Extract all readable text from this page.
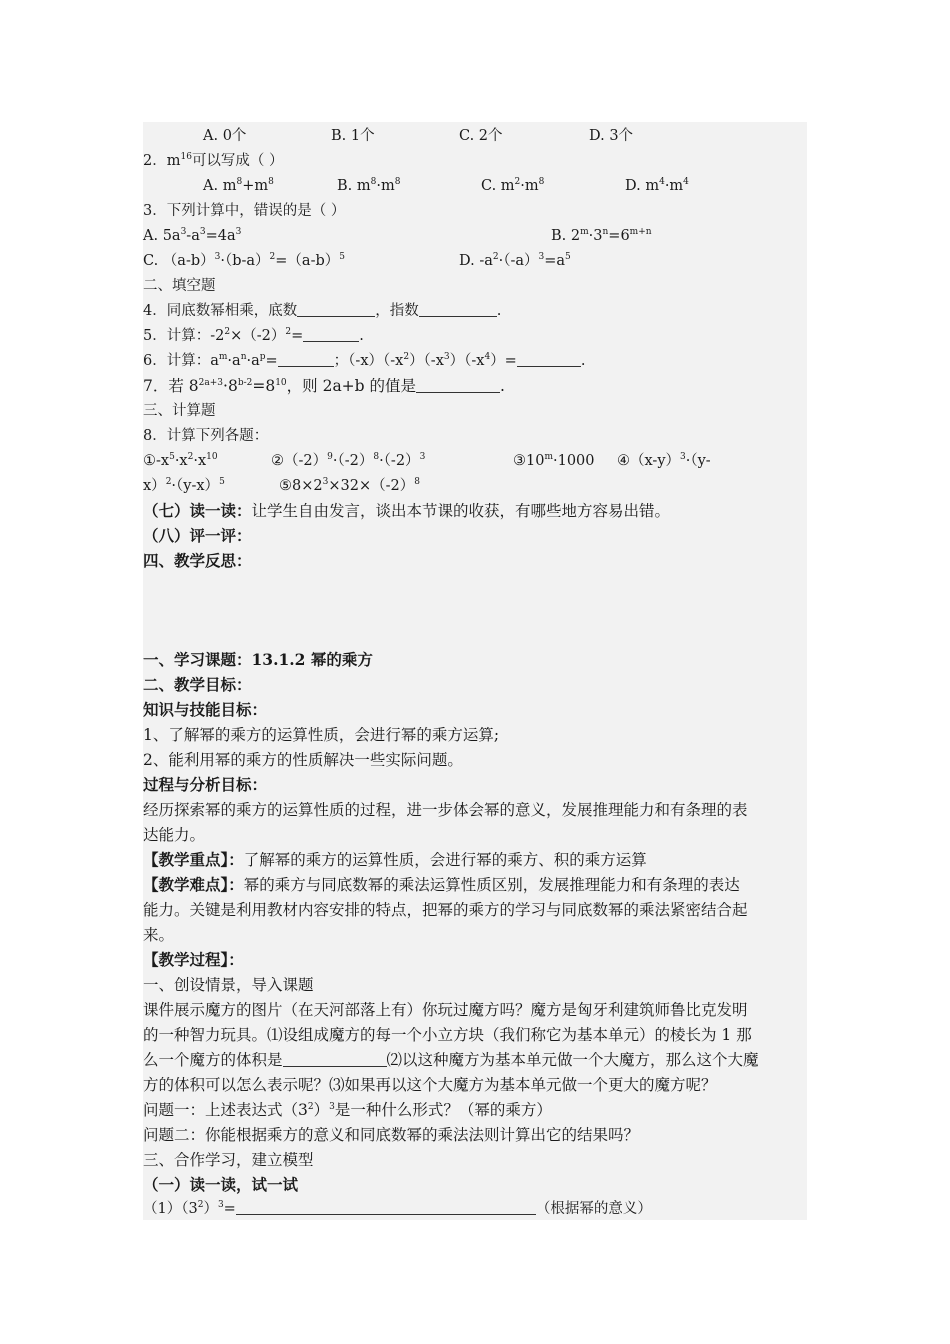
A. 0个	B. 1个	C. 2个	D. 3个
2．$m^{16}$可以写成（ ）
A. $m^8+m^8$	B. $m^8\cdot m^8$	C. $m^2\cdot m^8$	D. $m^4\cdot m^4$
3．下列计算中，错误的是（ ）
A. $5a^3-a^3=4a^3$	B. $2^m\cdot 3^n=6^{m+n}$
C. $(a-b)^3\cdot(b-a)^2=(a-b)^5$	D. $-a^2\cdot(-a)^3=a^5$
二、填空题
4．同底数幂相乘，底数	，指数	.
5．计算：$-2^2\times(-2)^2=$	.
6．计算：$a^m\cdot a^n\cdot a^p=$	；$(-x)(-x^2)(-x^3)(-x^4)=$	.
7．若 $8^{2a+3}\cdot 8^{b-2}=8^{10}$，则 2a+b 的值是	.
三、计算题
8．计算下列各题：
$①-x^5\cdot x^2\cdot x^{10}$	$②(-2)^9\cdot(-2)^8\cdot(-2)^3$	$③10^m\cdot 1000$ $④(x-y)^3\cdot(y-$
$x)^2\cdot(y-x)^5$	$⑤8\times 2^3\times 32\times(-2)^8$
（七）读一读：让学生自由发言，谈出本节课的收获，有哪些地方容易出错。
（八）评一评：
四、教学反思：
一、学习课题：13.1.2 幂的乘方
二、教学目标：
知识与技能目标：
1、了解幂的乘方的运算性质，会进行幂的乘方运算;
2、能利用幂的乘方的性质解决一些实际问题。
过程与分析目标：
经历探索幂的乘方的运算性质的过程，进一步体会幂的意义，发展推理能力和有条理的表
达能力。
【教学重点】：了解幂的乘方的运算性质，会进行幂的乘方、积的乘方运算
【教学难点】：幂的乘方与同底数幂的乘法运算性质区别，发展推理能力和有条理的表达
能力。关键是利用教材内容安排的特点，把幂的乘方的学习与同底数幂的乘法紧密结合起
来。
【教学过程】：
一、创设情景，导入课题
课件展示魔方的图片（在天河部落上有）你玩过魔方吗？魔方是匈牙利建筑师鲁比克发明
的一种智力玩具。⑴设组成魔方的每一个小立方块（我们称它为基本单元）的棱长为 1 那
么一个魔方的体积是	⑵以这种魔方为基本单元做一个大魔方，那么这个大魔
方的体积可以怎么表示呢？⑶如果再以这个大魔方为基本单元做一个更大的魔方呢？
问题一：上述表达式$(3^2)^3$是一种什么形式？（幂的乘方）
问题二：你能根据乘方的意义和同底数幂的乘法法则计算出它的结果吗？
三、合作学习，建立模型
（一）读一读，试一试
$(1)(3^2)^3=$	（根据幂的意义）
